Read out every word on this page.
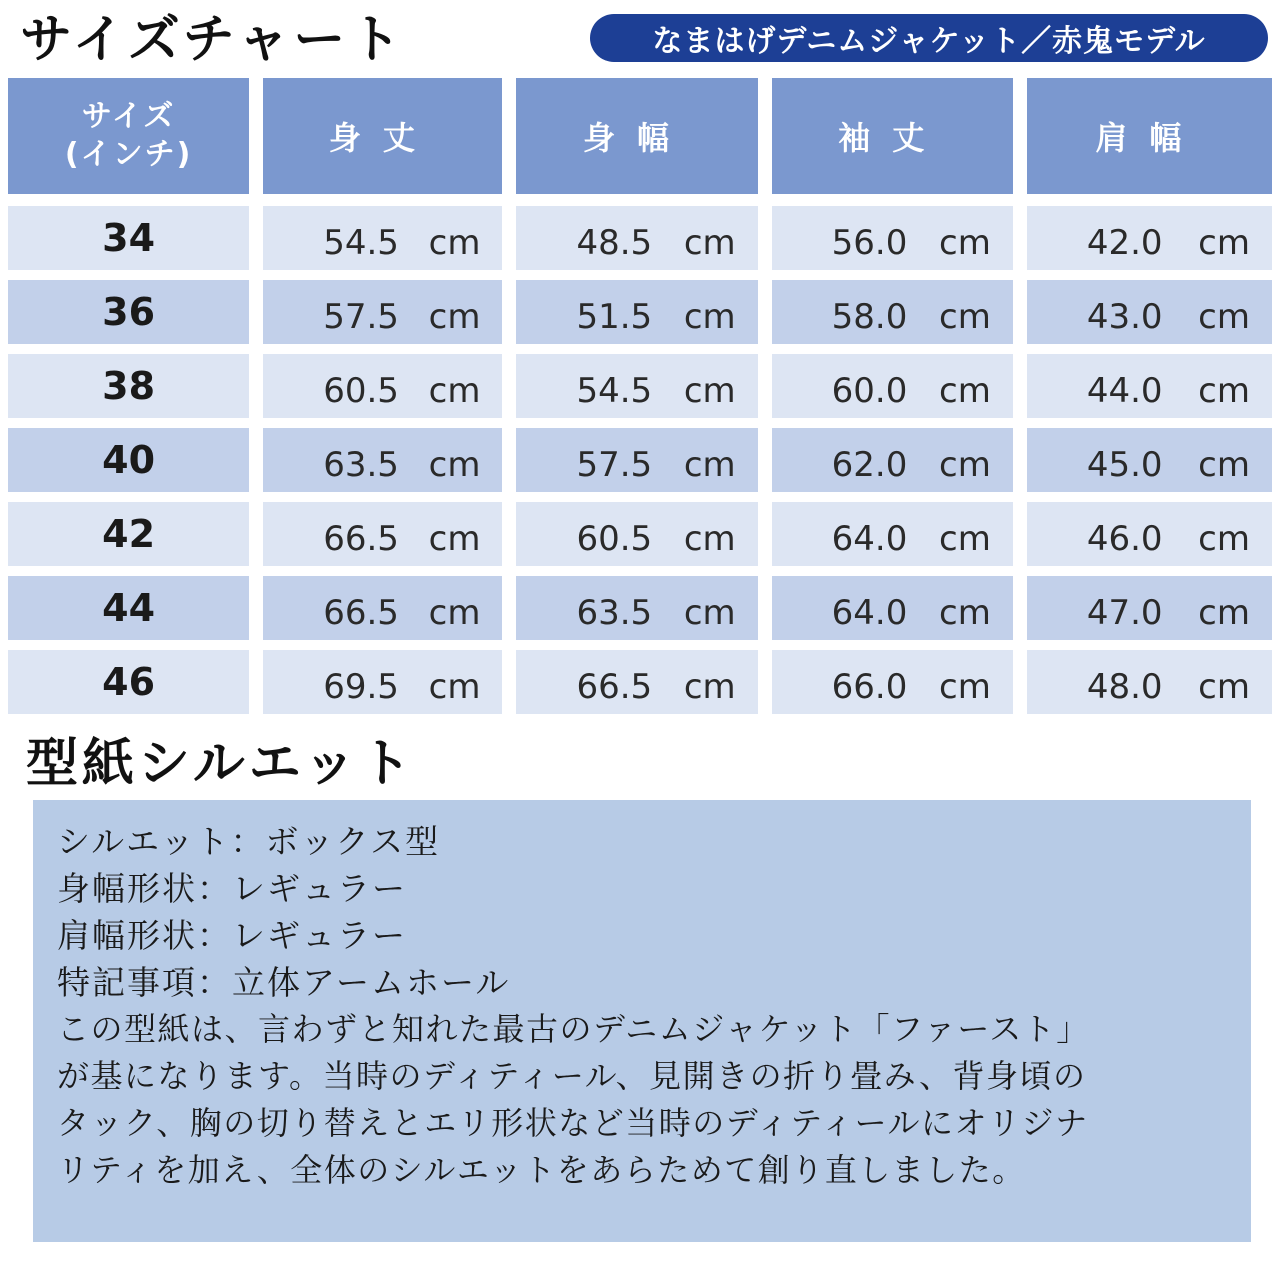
サイズチャート	なまはげデニムジャケット／赤鬼モデル
サイズ
(インチ)	身丈	身幅	袖丈	肩幅
34	54.5 cm	48.5 cm	56.0 cm	42.0 cm
36	57.5 cm	51.5 cm	58.0 cm	43.0 cm
38	60.5 cm	54.5 cm	60.0 cm	44.0 cm
40	63.5 cm	57.5 cm	62.0 cm	45.0 cm
42	66.5 cm	60.5 cm	64.0 cm	46.0 cm
44	66.5 cm	63.5 cm	64.0 cm	47.0 cm
46	69.5 cm	66.5 cm	66.0 cm	48.0 cm
型紙シルエット
シルエット：ボックス型
身幅形状：レギュラー
肩幅形状：レギュラー
特記事項：立体アームホール
この型紙は、言わずと知れた最古のデニムジャケット「ファースト」
が基になります。当時のディティール、見開きの折り畳み、背身頃の
タック、胸の切り替えとエリ形状など当時のディティールにオリジナ
リティを加え、全体のシルエットをあらためて創り直しました。
